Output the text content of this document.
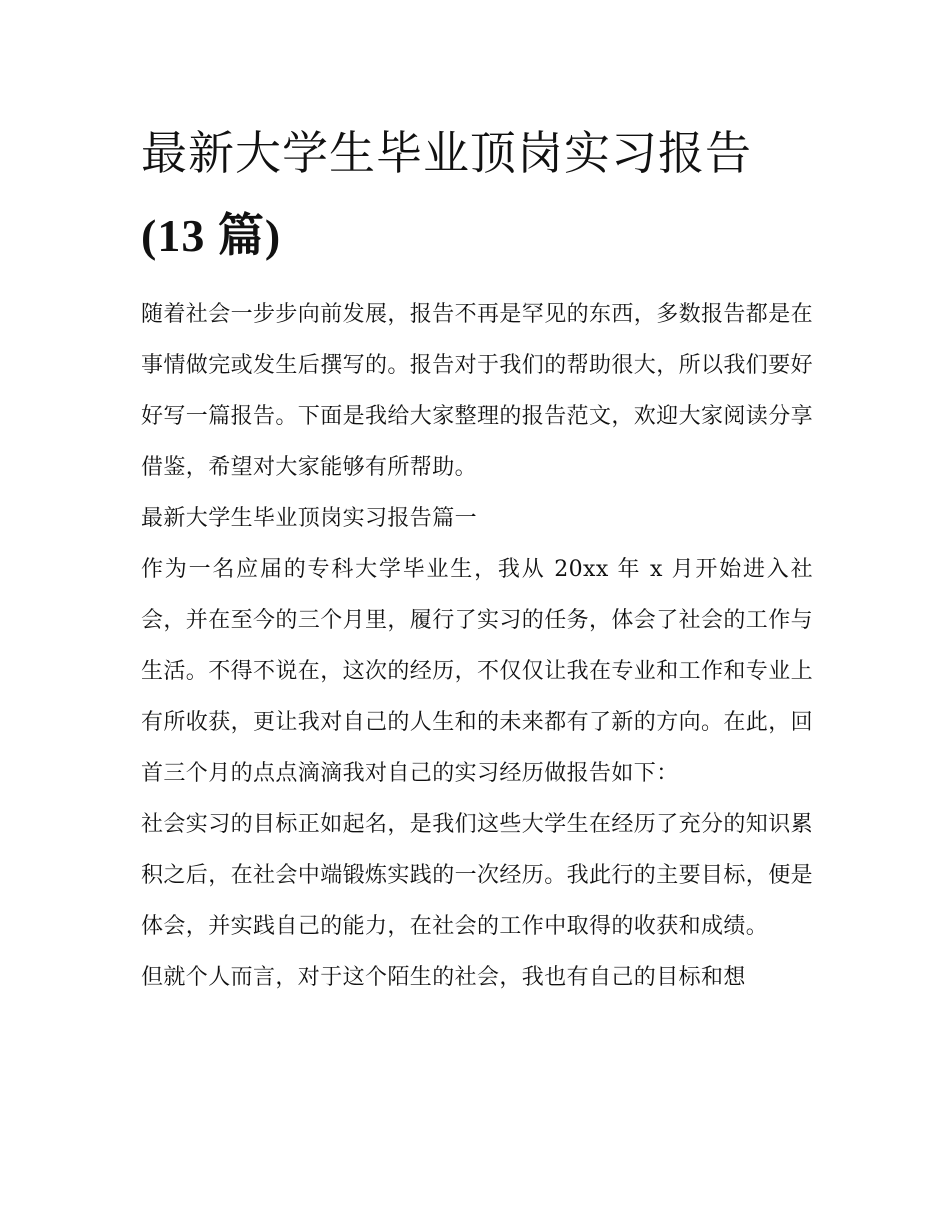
最新大学生毕业顶岗实习报告
(13 篇)

随着社会一步步向前发展，报告不再是罕见的东西，多数报告都是在事情做完或发生后撰写的。报告对于我们的帮助很大，所以我们要好好写一篇报告。下面是我给大家整理的报告范文，欢迎大家阅读分享借鉴，希望对大家能够有所帮助。

最新大学生毕业顶岗实习报告篇一

作为一名应届的专科大学毕业生，我从 20xx 年 x 月开始进入社会，并在至今的三个月里，履行了实习的任务，体会了社会的工作与生活。不得不说在，这次的经历，不仅仅让我在专业和工作和专业上有所收获，更让我对自己的人生和的未来都有了新的方向。在此，回首三个月的点点滴滴我对自己的实习经历做报告如下：

社会实习的目标正如起名，是我们这些大学生在经历了充分的知识累积之后，在社会中端锻炼实践的一次经历。我此行的主要目标，便是体会，并实践自己的能力，在社会的工作中取得的收获和成绩。

但就个人而言，对于这个陌生的社会，我也有自己的目标和想
